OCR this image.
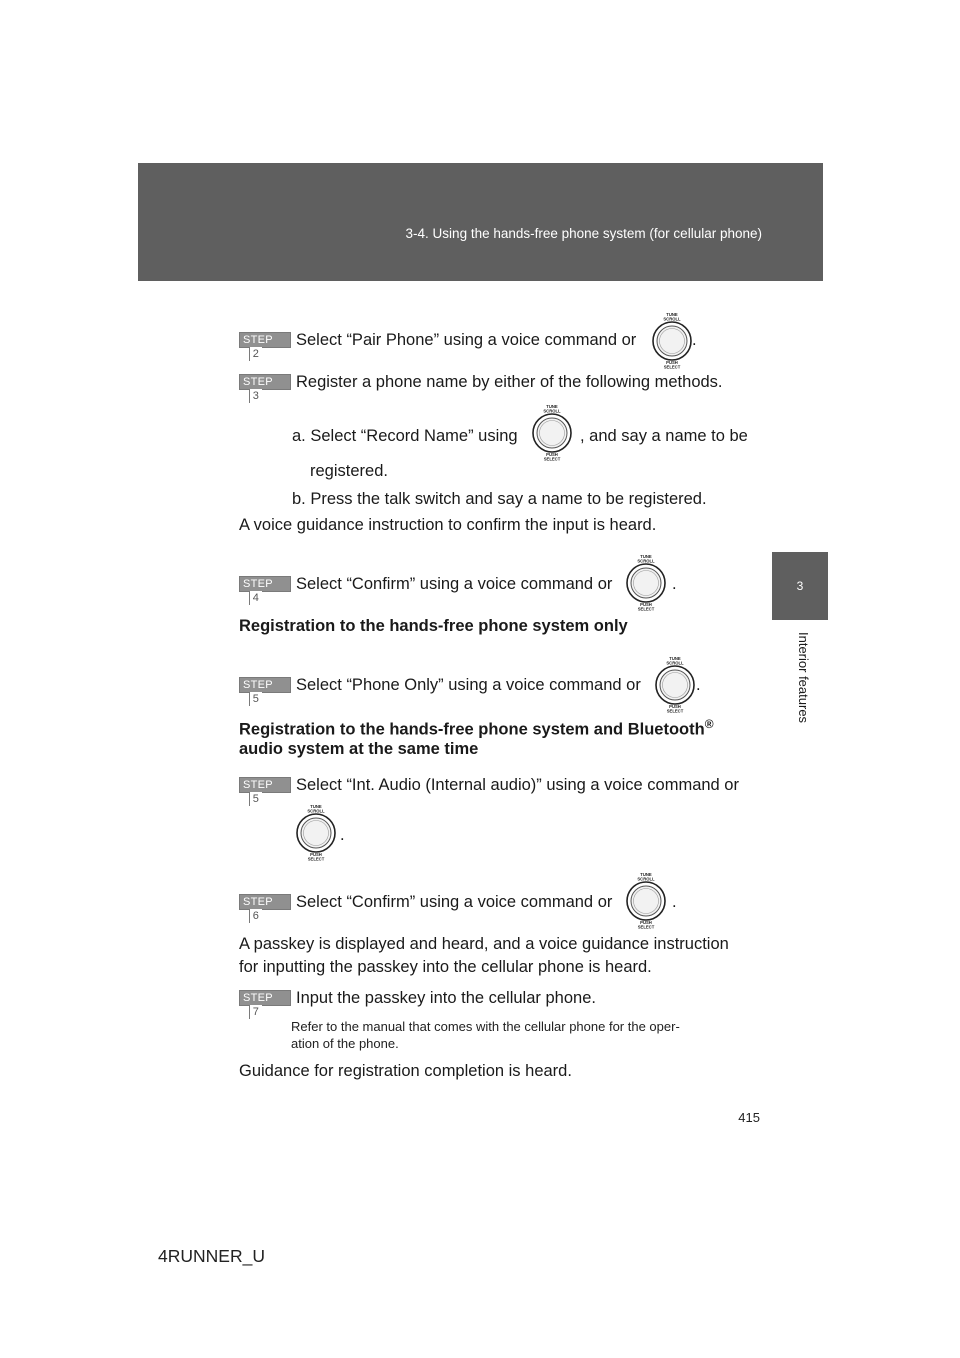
3-4. Using the hands-free phone system (for cellular phone)
3
Interior features
STEP2
Select “Pair Phone” using a voice command or
TUNE
SCROLL
PUSH
SELECT
.
STEP3
Register a phone name by either of the following methods.
a. Select “Record Name” using
TUNE
SCROLL
PUSH
SELECT
, and say a name to be
registered.
b. Press the talk switch and say a name to be registered.
A voice guidance instruction to confirm the input is heard.
STEP4
Select “Confirm” using a voice command or
TUNE
SCROLL
PUSH
SELECT
.
Registration to the hands-free phone system only
STEP5
Select “Phone Only” using a voice command or
TUNE
SCROLL
PUSH
SELECT
.
Registration to the hands-free phone system and Bluetooth®
audio system at the same time
STEP5
Select “Int. Audio (Internal audio)” using a voice command or
TUNE
SCROLL
PUSH
SELECT
.
STEP6
Select “Confirm” using a voice command or
TUNE
SCROLL
PUSH
SELECT
.
A passkey is displayed and heard, and a voice guidance instruction
for inputting the passkey into the cellular phone is heard.
STEP7
Input the passkey into the cellular phone.
Refer to the manual that comes with the cellular phone for the oper-
ation of the phone.
Guidance for registration completion is heard.
415
4RUNNER_U
